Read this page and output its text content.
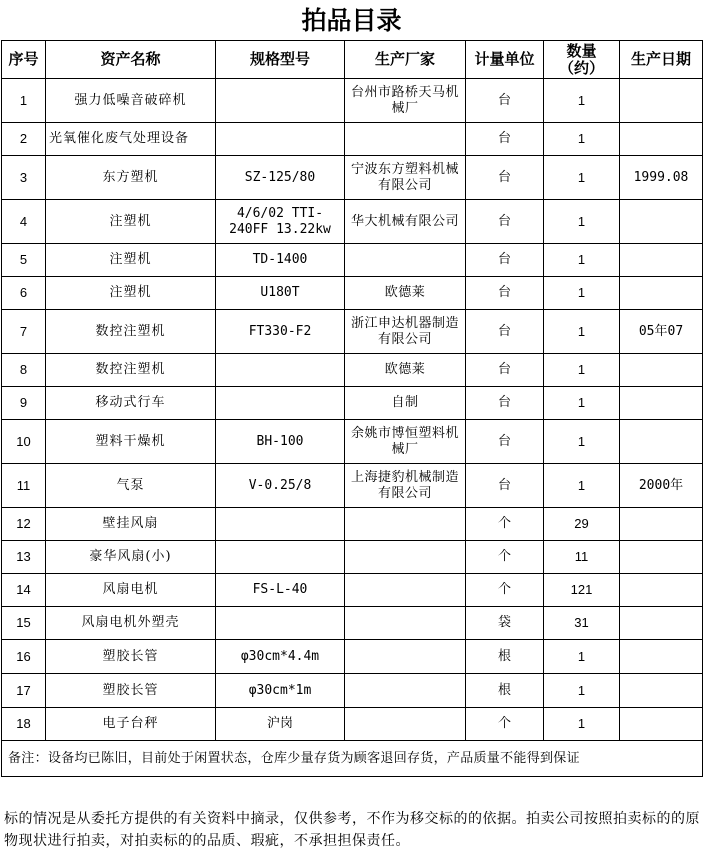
拍品目录
序号	资产名称	规格型号	生产厂家	计量单位	数量（约）	生产日期
1	强力低噪音破碎机		台州市路桥天马机械厂	台	1	
2	光氧催化废气处理设备			台	1	
3	东方塑机	SZ-125/80	宁波东方塑料机械有限公司	台	1	1999.08
4	注塑机	4/6/02 TTI-240FF 13.22kw	华大机械有限公司	台	1	
5	注塑机	TD-1400		台	1	
6	注塑机	U180T	欧德莱	台	1	
7	数控注塑机	FT330-F2	浙江申达机器制造有限公司	台	1	05年07
8	数控注塑机		欧德莱	台	1	
9	移动式行车		自制	台	1	
10	塑料干燥机	BH-100	余姚市博恒塑料机械厂	台	1	
11	气泵	V-0.25/8	上海捷豹机械制造有限公司	台	1	2000年
12	壁挂风扇			个	29	
13	豪华风扇(小)			个	11	
14	风扇电机	FS-L-40		个	121	
15	风扇电机外塑壳			袋	31	
16	塑胶长管	φ30cm*4.4m		根	1	
17	塑胶长管	φ30cm*1m		根	1	
18	电子台秤	沪岗		个	1	
备注：设备均已陈旧，目前处于闲置状态，仓库少量存货为顾客退回存货，产品质量不能得到保证						
标的情况是从委托方提供的有关资料中摘录，仅供参考，不作为移交标的的依据。拍卖公司按照拍卖标的的原物现状进行拍卖，对拍卖标的的品质、瑕疵，不承担担保责任。
